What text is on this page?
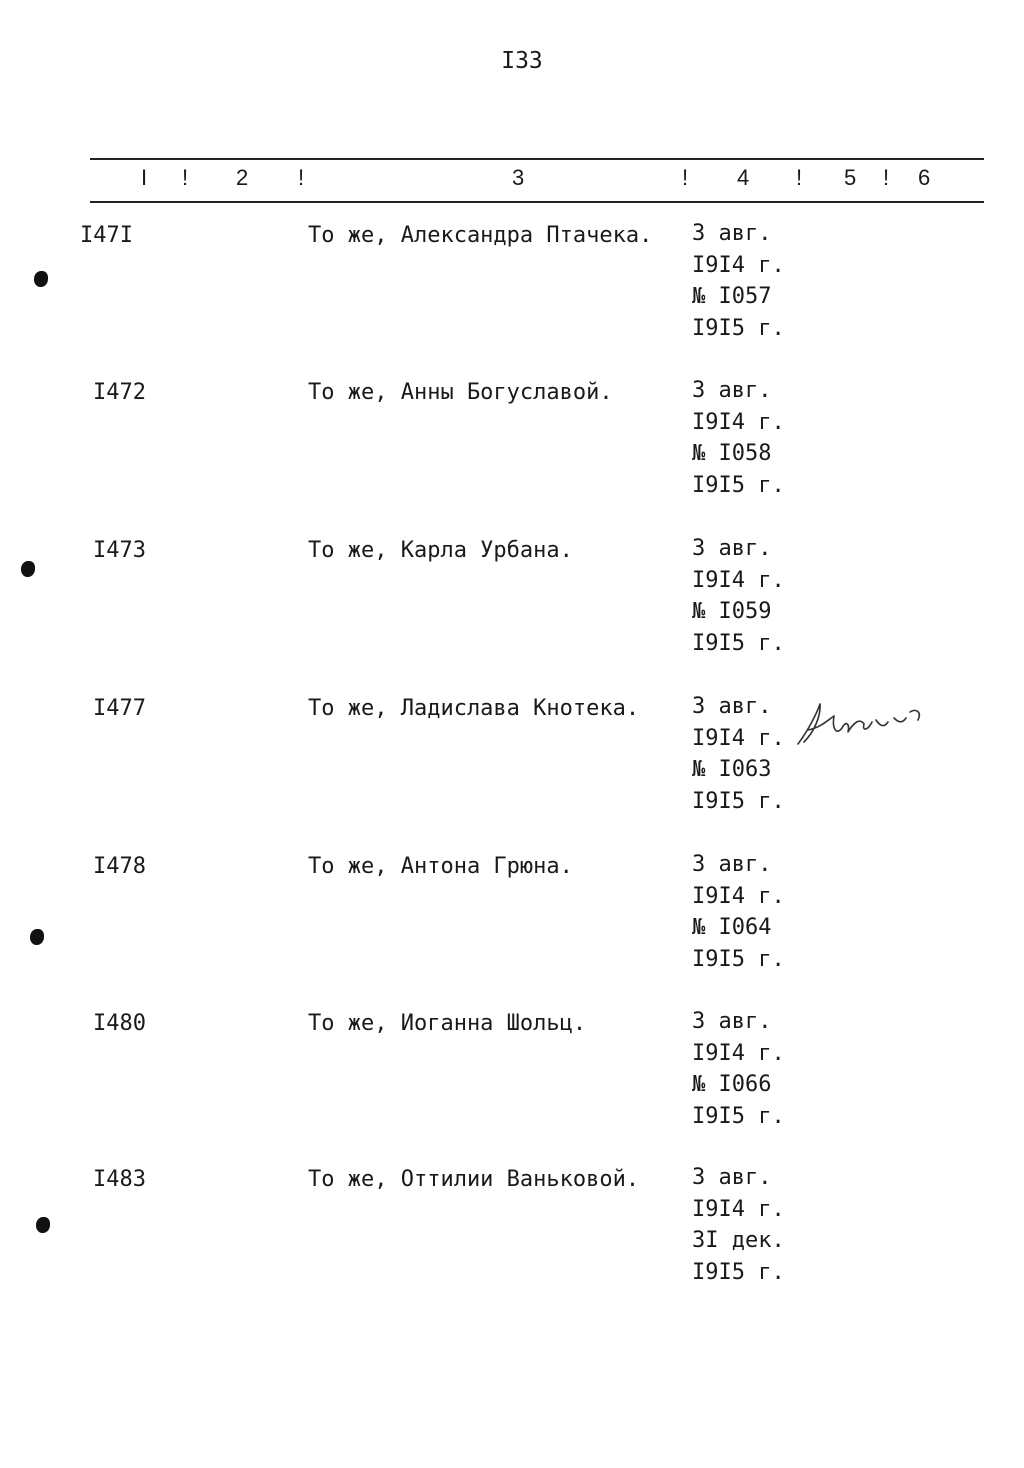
I33
I ! 2 !	3	! 4 ! 5 ! 6
I47I	То же, Александра Птачека. 3 авг.
I9I4 г.
№ I057
I9I5 г.
I472	То же, Анны Богуславой.	3 авг.
I9I4 г.
№ I058
I9I5 г.
I473	То же, Карла Урбана.	3 авг.
I9I4 г.
№ I059
I9I5 г.
I477	То же, Ладислава Кнотека. 3 авг.
I9I4 г.
№ I063
I9I5 г.
I478	То же, Антона Грюна.	3 авг.
I9I4 г.
№ I064
I9I5 г.
I480	То же, Иоганна Шольц.	3 авг.
I9I4 г.
№ I066
I9I5 г.
I483	То же, Оттилии Ваньковой. 3 авг.
I9I4 г.
3I дек.
I9I5 г.
